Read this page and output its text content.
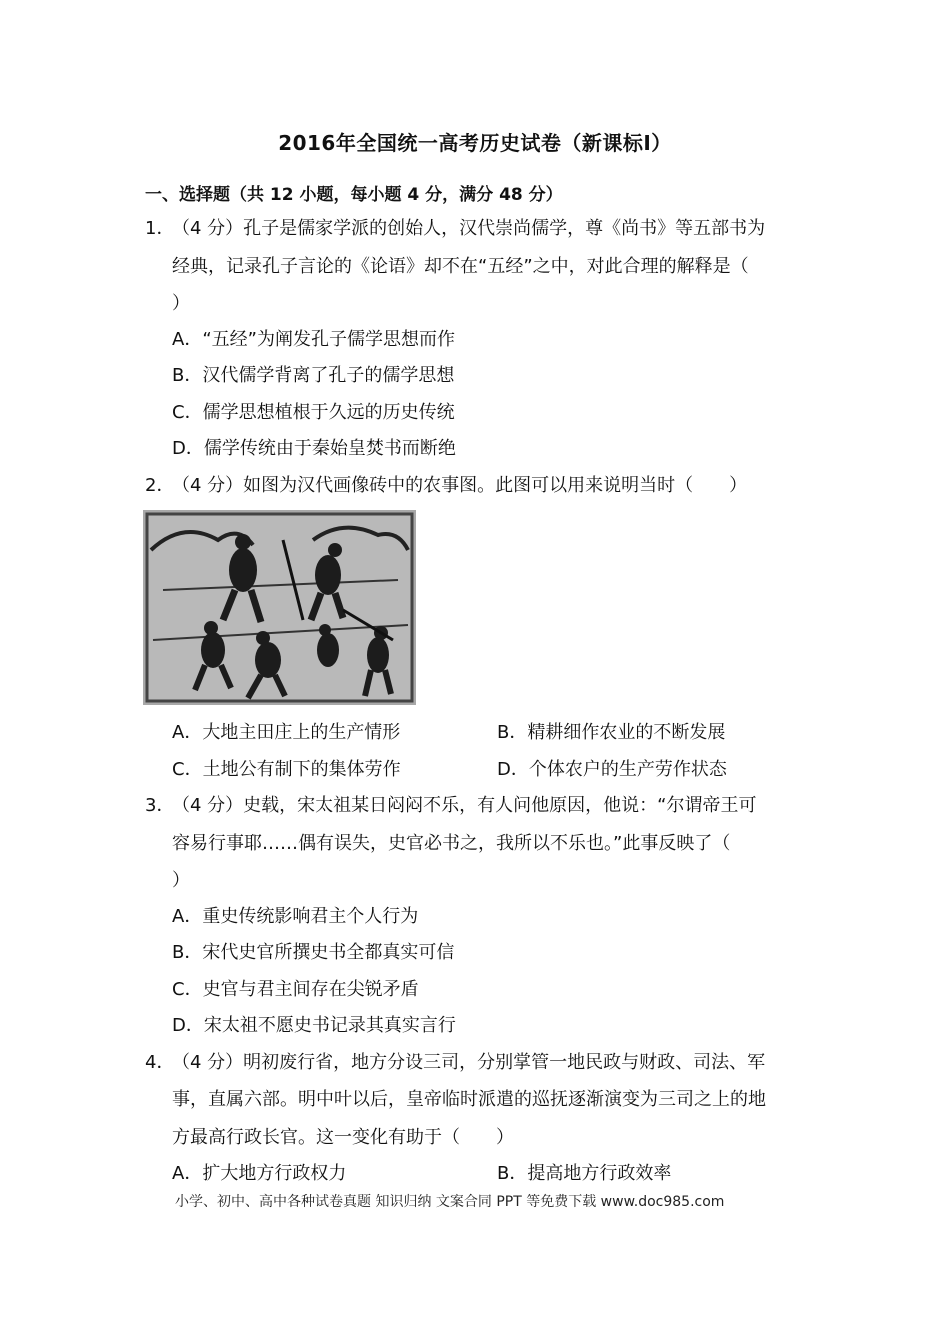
2016年全国统一高考历史试卷（新课标I）
一、选择题（共 12 小题，每小题 4 分，满分 48 分）
1．
（4 分）孔子是儒家学派的创始人，汉代崇尚儒学，尊《尚书》等五部书为
经典，记录孔子言论的《论语》却不在“五经”之中，对此合理的解释是（
）
A．“五经”为阐发孔子儒学思想而作
B．汉代儒学背离了孔子的儒学思想
C．儒学思想植根于久远的历史传统
D．儒学传统由于秦始皇焚书而断绝
2．
（4 分）如图为汉代画像砖中的农事图。此图可以用来说明当时（　　）
A．大地主田庄上的生产情形	B．精耕细作农业的不断发展
C．土地公有制下的集体劳作	D．个体农户的生产劳作状态
3．
（4 分）史载，宋太祖某日闷闷不乐，有人问他原因，他说：“尔谓帝王可
容易行事耶……偶有误失，史官必书之，我所以不乐也。”此事反映了（
）
A．重史传统影响君主个人行为
B．宋代史官所撰史书全都真实可信
C．史官与君主间存在尖锐矛盾
D．宋太祖不愿史书记录其真实言行
4．
（4 分）明初废行省，地方分设三司，分别掌管一地民政与财政、司法、军
事，直属六部。明中叶以后，皇帝临时派遣的巡抚逐渐演变为三司之上的地
方最高行政长官。这一变化有助于（　　）
A．扩大地方行政权力	B．提高地方行政效率
小学、初中、高中各种试卷真题 知识归纳 文案合同 PPT 等免费下载 www.doc985.com
